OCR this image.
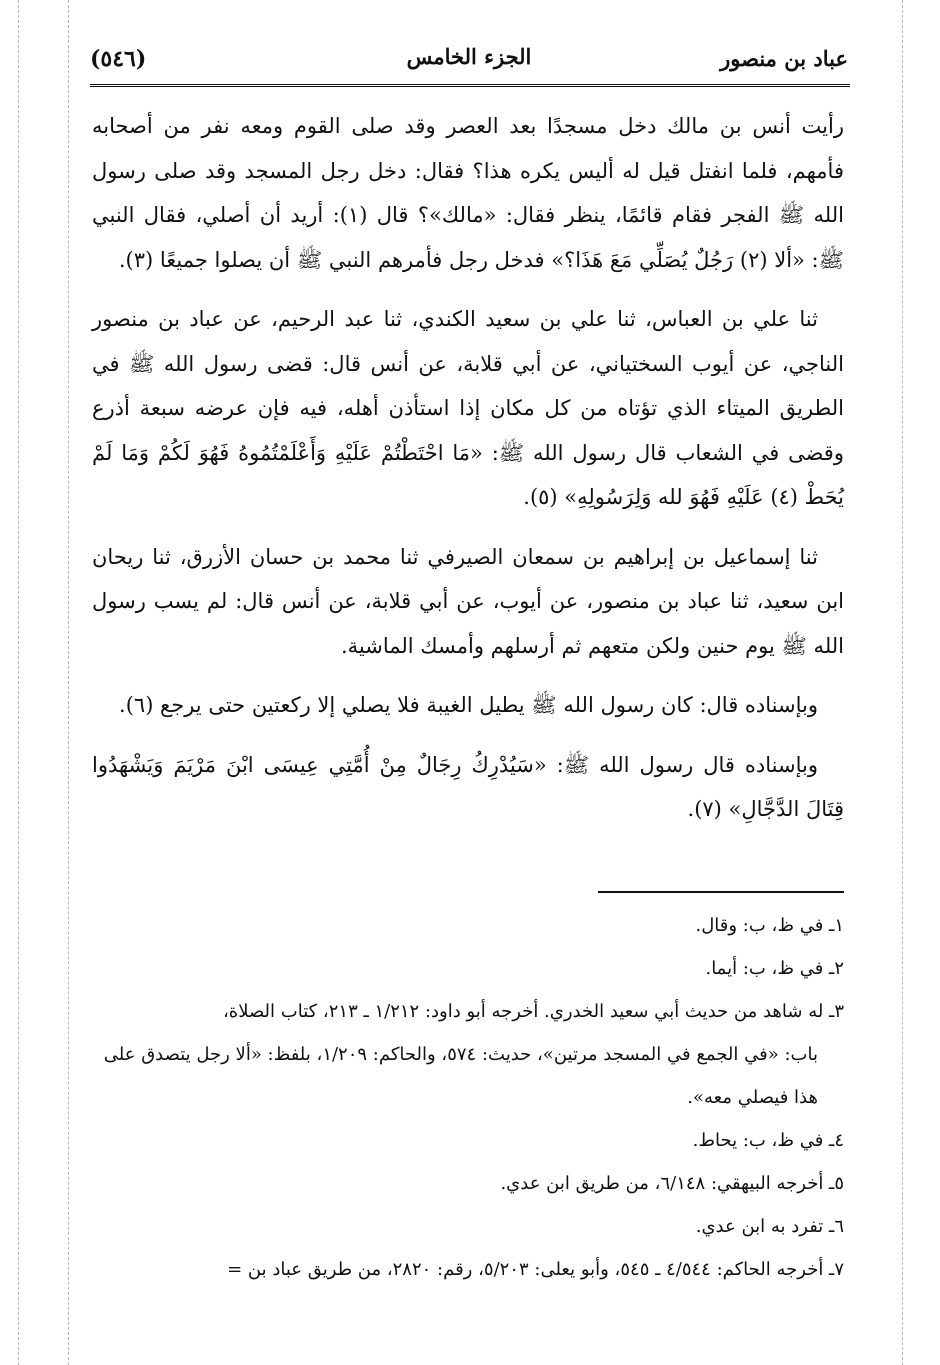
(٥٤٦)	الجزء الخامس	عباد بن منصور

رأيت أنس بن مالك دخل مسجدًا بعد العصر وقد صلى القوم ومعه نفر من أصحابه فأمهم، فلما انفتل قيل له أليس يكره هذا؟ فقال: دخل رجل المسجد وقد صلى رسول الله ﷺ الفجر فقام قائمًا، ينظر فقال: «مالك»؟ قال (١): أريد أن أصلي، فقال النبي ﷺ: «ألا (٢) رَجُلٌ يُصَلِّي مَعَ هَذَا؟» فدخل رجل فأمرهم النبي ﷺ أن يصلوا جميعًا (٣).

ثنا علي بن العباس، ثنا علي بن سعيد الكندي، ثنا عبد الرحيم، عن عباد بن منصور الناجي، عن أيوب السختياني، عن أبي قلابة، عن أنس قال: قضى رسول الله ﷺ في الطريق الميتاء الذي تؤتاه من كل مكان إذا استأذن أهله، فيه فإن عرضه سبعة أذرع وقضى في الشعاب قال رسول الله ﷺ: «مَا احْتَطْتُمْ عَلَيْهِ وَأَعْلَمْتُمُوهُ فَهُوَ لَكُمْ وَمَا لَمْ يُحَطْ (٤) عَلَيْهِ فَهُوَ لله وَلِرَسُولِهِ» (٥).

ثنا إسماعيل بن إبراهيم بن سمعان الصيرفي ثنا محمد بن حسان الأزرق، ثنا ريحان ابن سعيد، ثنا عباد بن منصور، عن أيوب، عن أبي قلابة، عن أنس قال: لم يسب رسول الله ﷺ يوم حنين ولكن متعهم ثم أرسلهم وأمسك الماشية.

وبإسناده قال: كان رسول الله ﷺ يطيل الغيبة فلا يصلي إلا ركعتين حتى يرجع (٦).

وبإسناده قال رسول الله ﷺ: «سَيُدْرِكُ رِجَالٌ مِنْ أُمَّتِي عِيسَى ابْنَ مَرْيَمَ وَيَشْهَدُوا قِتَالَ الدَّجَّالِ» (٧).

١ـ في ظ، ب: وقال.

٢ـ في ظ، ب: أيما.

٣ـ له شاهد من حديث أبي سعيد الخدري. أخرجه أبو داود: ١/٢١٢ ـ ٢١٣، كتاب الصلاة،
باب: «في الجمع في المسجد مرتين»، حديث: ٥٧٤، والحاكم: ١/٢٠٩، بلفظ: «ألا رجل يتصدق على هذا فيصلي معه».

٤ـ في ظ، ب: يحاط.

٥ـ أخرجه البيهقي: ٦/١٤٨، من طريق ابن عدي.

٦ـ تفرد به ابن عدي.

٧ـ أخرجه الحاكم: ٤/٥٤٤ ـ ٥٤٥، وأبو يعلى: ٥/٢٠٣، رقم: ٢٨٢٠، من طريق عباد بن =
